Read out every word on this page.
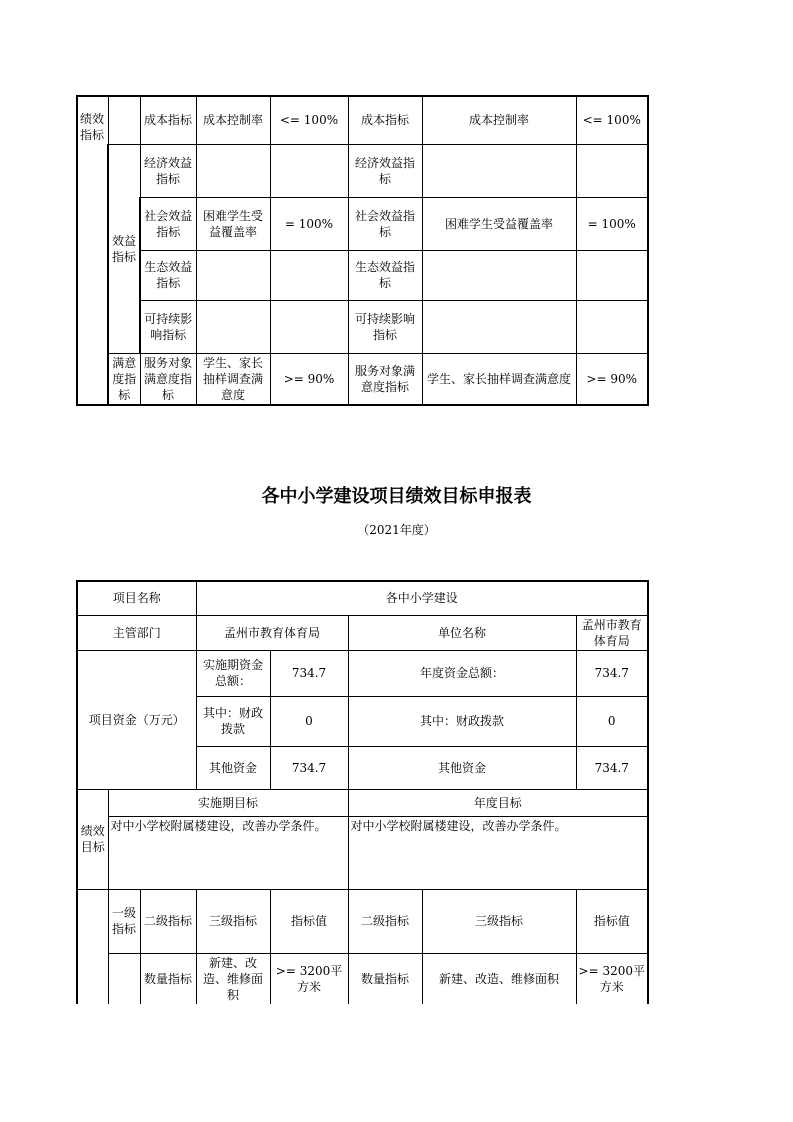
绩效指标		成本指标	成本控制率	<= 100%	成本指标	成本控制率	<= 100%
	效益指标	经济效益指标			经济效益指标		
		社会效益指标	困难学生受益覆盖率	= 100%	社会效益指标	困难学生受益覆盖率	= 100%
		生态效益指标			生态效益指标		
		可持续影响指标			可持续影响指标		
	满意度指标	服务对象满意度指标	学生、家长抽样调查满意度	>= 90%	服务对象满意度指标	学生、家长抽样调查满意度	>= 90%
各中小学建设项目绩效目标申报表
（2021年度）
项目名称			各中小学建设				
主管部门			孟州市教育体育局		单位名称		孟州市教育体育局
项目资金（万元）			实施期资金总额：	734.7	年度资金总额：		734.7
			其中：财政拨款	0	其中：财政拨款		0
			其他资金	734.7	其他资金		734.7
绩效目标	实施期目标				年度目标		
	对中小学校附属楼建设，改善办学条件。				对中小学校附属楼建设，改善办学条件。		
	一级指标	二级指标	三级指标	指标值	二级指标	三级指标	指标值
		数量指标	新建、改造、维修面积	>= 3200平方米	数量指标	新建、改造、维修面积	>= 3200平方米
